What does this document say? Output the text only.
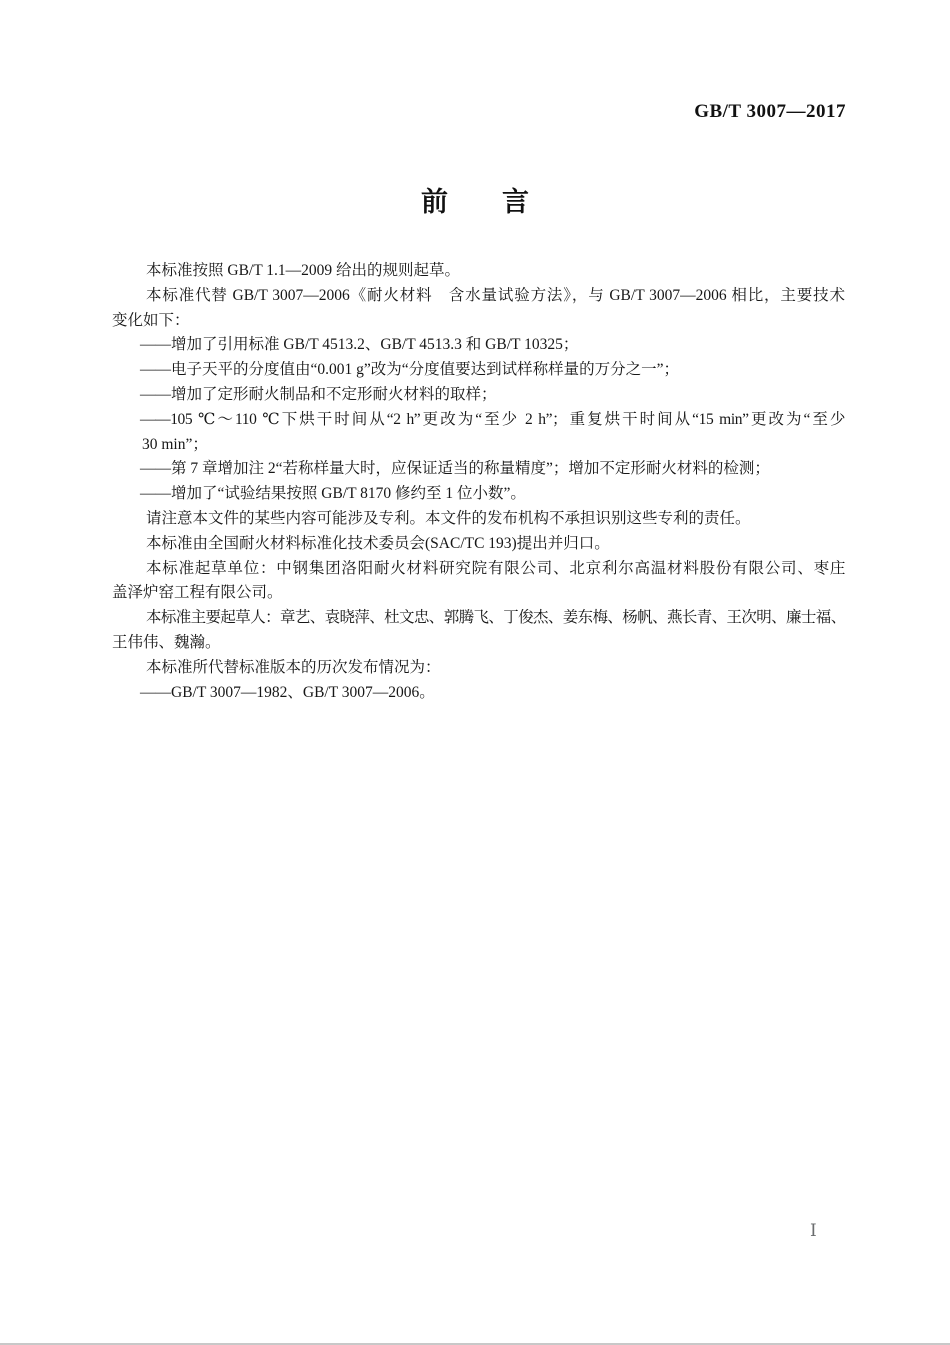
GB/T 3007—2017
前　　言
本标准按照 GB/T 1.1—2009 给出的规则起草。
本标准代替 GB/T 3007—2006《耐火材料　含水量试验方法》，与 GB/T 3007—2006 相比，主要技术
变化如下：
——增加了引用标准 GB/T 4513.2、GB/T 4513.3 和 GB/T 10325；
——电子天平的分度值由“0.001 g”改为“分度值要达到试样称样量的万分之一”；
——增加了定形耐火制品和不定形耐火材料的取样；
——105 ℃～110 ℃下烘干时间从“2 h”更改为“至少 2 h”；重复烘干时间从“15 min”更改为“至少
30 min”；
——第 7 章增加注 2“若称样量大时，应保证适当的称量精度”；增加不定形耐火材料的检测；
——增加了“试验结果按照 GB/T 8170 修约至 1 位小数”。
请注意本文件的某些内容可能涉及专利。本文件的发布机构不承担识别这些专利的责任。
本标准由全国耐火材料标准化技术委员会(SAC/TC 193)提出并归口。
本标准起草单位：中钢集团洛阳耐火材料研究院有限公司、北京利尔高温材料股份有限公司、枣庄
盖泽炉窑工程有限公司。
本标准主要起草人：章艺、袁晓萍、杜文忠、郭腾飞、丁俊杰、姜东梅、杨帆、燕长青、王次明、廉士福、
王伟伟、魏瀚。
本标准所代替标准版本的历次发布情况为：
——GB/T 3007—1982、GB/T 3007—2006。
Ⅰ
